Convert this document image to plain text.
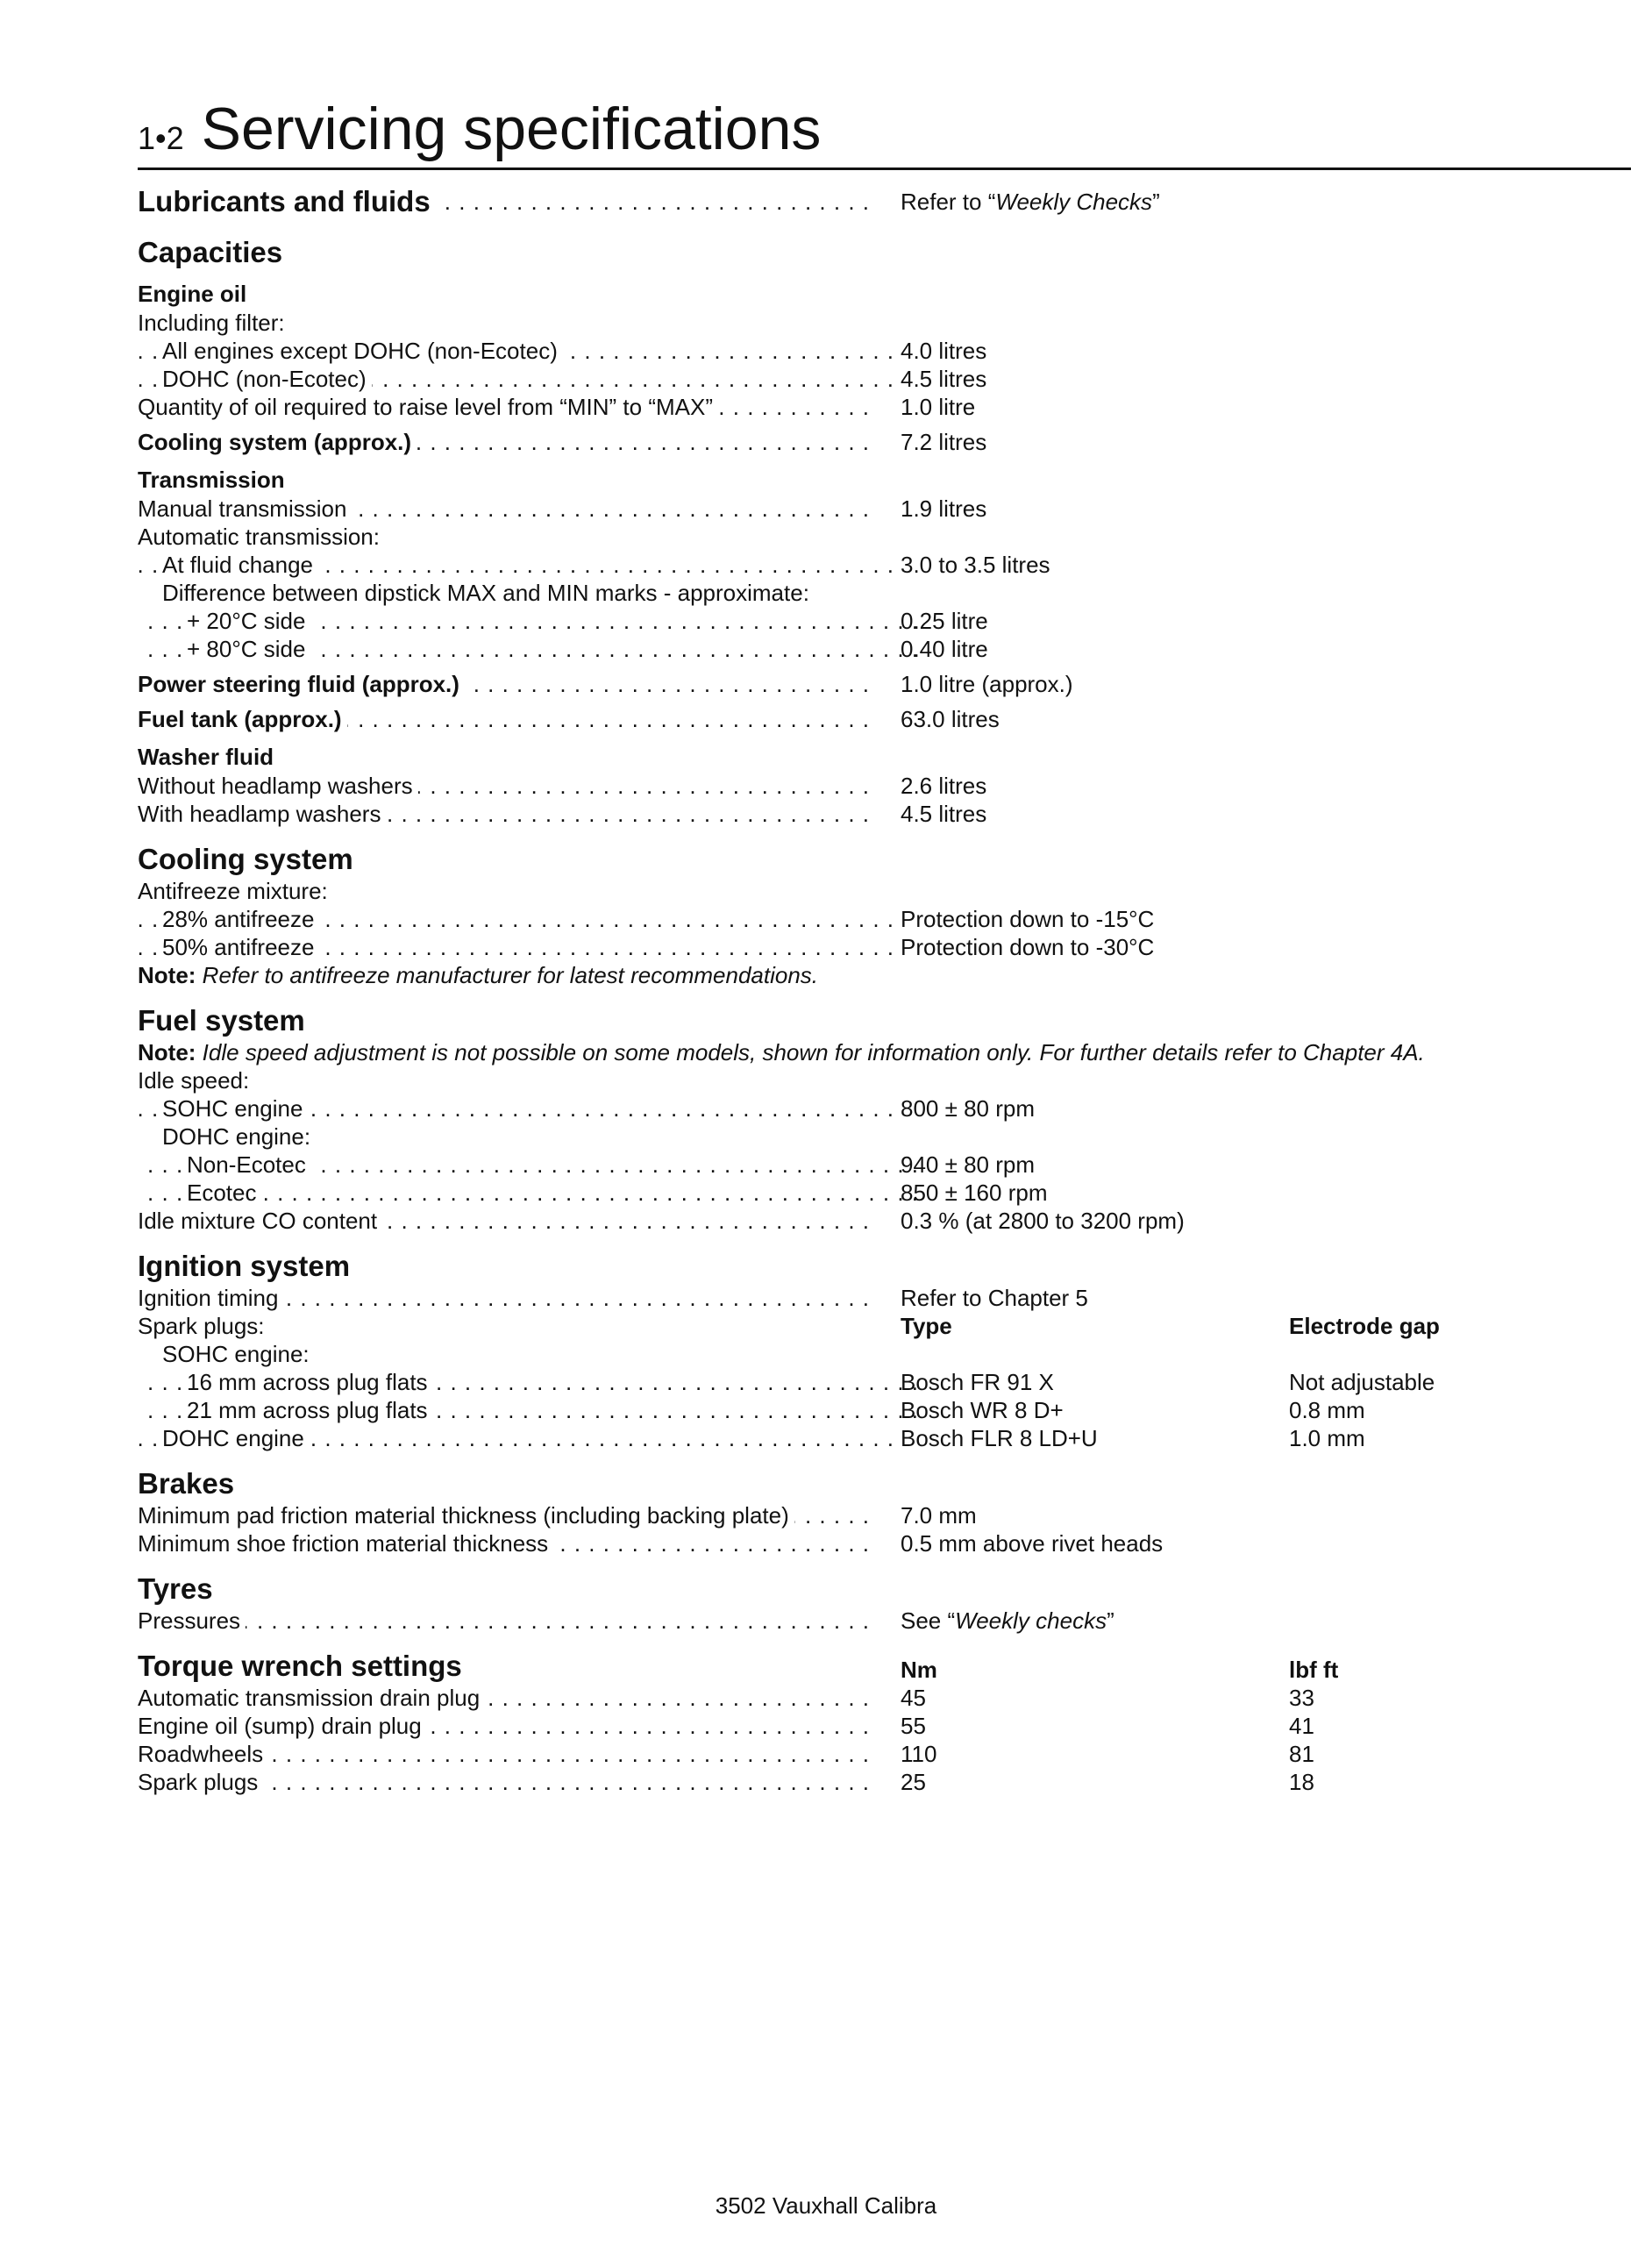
1•2 Servicing specifications
Lubricants and fluids . . .	Refer to “Weekly Checks”
Capacities
Engine oil
Including filter:
All engines except DOHC (non-Ecotec) . . .	4.0 litres
DOHC (non-Ecotec) . . .	4.5 litres
Quantity of oil required to raise level from “MIN” to “MAX” . . .	1.0 litre
Cooling system (approx.) . . .	7.2 litres
Transmission
Manual transmission . . .	1.9 litres
Automatic transmission:
At fluid change . . .	3.0 to 3.5 litres
Difference between dipstick MAX and MIN marks - approximate:
+ 20°C side . . .	0.25 litre
+ 80°C side . . .	0.40 litre
Power steering fluid (approx.) . . .	1.0 litre (approx.)
Fuel tank (approx.) . . .	63.0 litres
Washer fluid
Without headlamp washers . . .	2.6 litres
With headlamp washers . . .	4.5 litres
Cooling system
Antifreeze mixture:
28% antifreeze . . .	Protection down to -15°C
50% antifreeze . . .	Protection down to -30°C
Note: Refer to antifreeze manufacturer for latest recommendations.
Fuel system
Note: Idle speed adjustment is not possible on some models, shown for information only. For further details refer to Chapter 4A.
Idle speed:
SOHC engine . . .	800 ± 80 rpm
DOHC engine:
Non-Ecotec . . .	940 ± 80 rpm
Ecotec . . .	850 ± 160 rpm
Idle mixture CO content . . .	0.3 % (at 2800 to 3200 rpm)
Ignition system
Ignition timing . . .	Refer to Chapter 5
Spark plugs:	Type	Electrode gap
SOHC engine:
16 mm across plug flats . . .	Bosch FR 91 X	Not adjustable
21 mm across plug flats . . .	Bosch WR 8 D+	0.8 mm
DOHC engine . . .	Bosch FLR 8 LD+U	1.0 mm
Brakes
Minimum pad friction material thickness (including backing plate) . . .	7.0 mm
Minimum shoe friction material thickness . . .	0.5 mm above rivet heads
Tyres
Pressures . . .	See “Weekly checks”
Torque wrench settings	Nm	lbf ft
Automatic transmission drain plug . . .	45	33
Engine oil (sump) drain plug . . .	55	41
Roadwheels . . .	110	81
Spark plugs . . .	25	18
3502 Vauxhall Calibra
